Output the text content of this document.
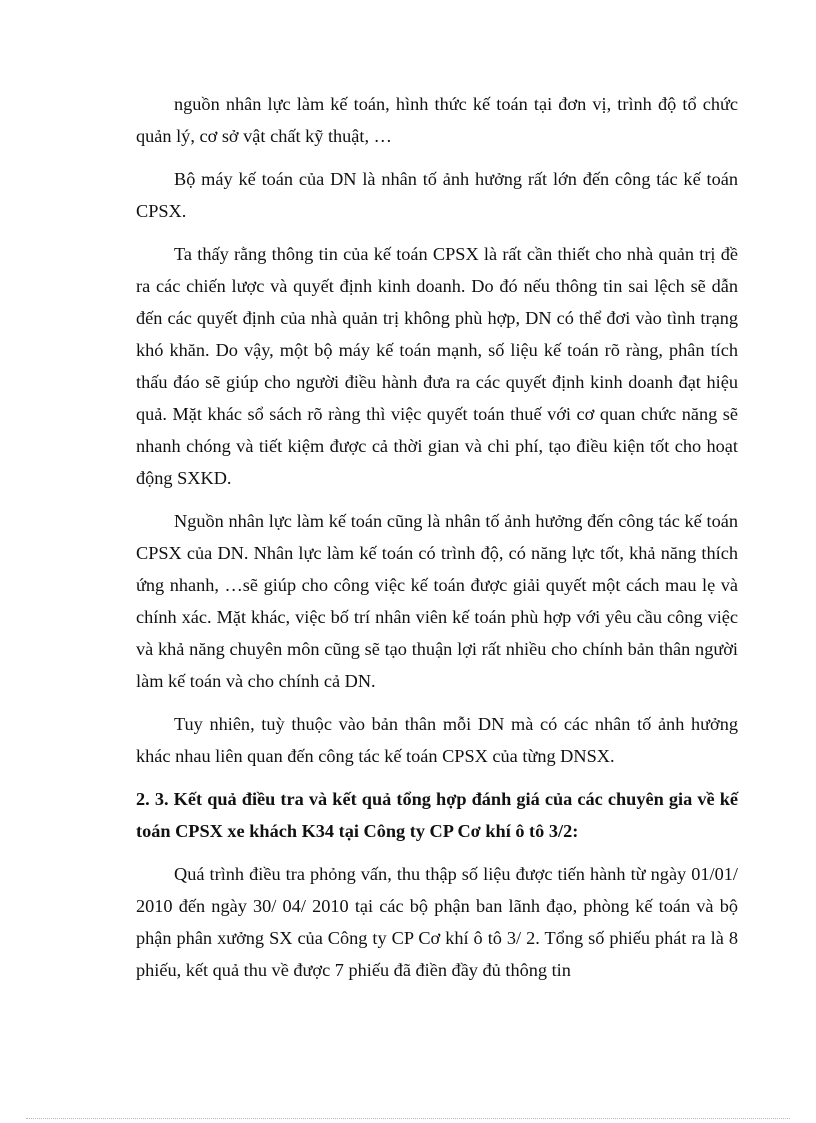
nguồn nhân lực làm kế toán, hình thức kế toán tại đơn vị, trình độ tổ chức quản lý, cơ sở vật chất kỹ thuật, …

Bộ máy kế toán của DN là nhân tố ảnh hưởng rất lớn đến công tác kế toán CPSX.

Ta thấy rằng thông tin của kế toán CPSX là rất cần thiết cho nhà quản trị đề ra các chiến lược và quyết định kinh doanh. Do đó nếu thông tin sai lệch sẽ dẫn đến các quyết định của nhà quản trị không phù hợp, DN có thể đơi vào tình trạng khó khăn. Do vậy, một bộ máy kế toán mạnh, số liệu kế toán rõ ràng, phân tích thấu đáo sẽ giúp cho người điều hành đưa ra các quyết định kinh doanh đạt hiệu quả. Mặt khác sổ sách rõ ràng thì việc quyết toán thuế với cơ quan chức năng sẽ nhanh chóng và tiết kiệm được cả thời gian và chi phí, tạo điều kiện tốt cho hoạt động SXKD.

Nguồn nhân lực làm kế toán cũng là nhân tố ảnh hưởng đến công tác kế toán CPSX của DN. Nhân lực làm kế toán có trình độ, có năng lực tốt, khả năng thích ứng nhanh, …sẽ giúp cho công việc kế toán được giải quyết một cách mau lẹ và chính xác. Mặt khác, việc bố trí nhân viên kế toán phù hợp với yêu cầu công việc và khả năng chuyên môn cũng sẽ tạo thuận lợi rất nhiều cho chính bản thân người làm kế toán và cho chính cả DN.

Tuy nhiên, tuỳ thuộc vào bản thân mỗi DN mà có các nhân tố ảnh hưởng khác nhau liên quan đến công tác kế toán CPSX của từng DNSX.

2. 3. Kết quả điều tra và kết quả tổng hợp đánh giá của các chuyên gia về kế toán CPSX xe khách K34 tại Công ty CP Cơ khí ô tô 3/2:

Quá trình điều tra phỏng vấn, thu thập số liệu được tiến hành từ ngày 01/01/ 2010 đến ngày 30/ 04/ 2010 tại các bộ phận ban lãnh đạo, phòng kế toán và bộ phận phân xưởng SX của Công ty CP Cơ khí ô tô 3/ 2. Tổng số phiếu phát ra là 8 phiếu, kết quả thu về được 7 phiếu đã điền đầy đủ thông tin
